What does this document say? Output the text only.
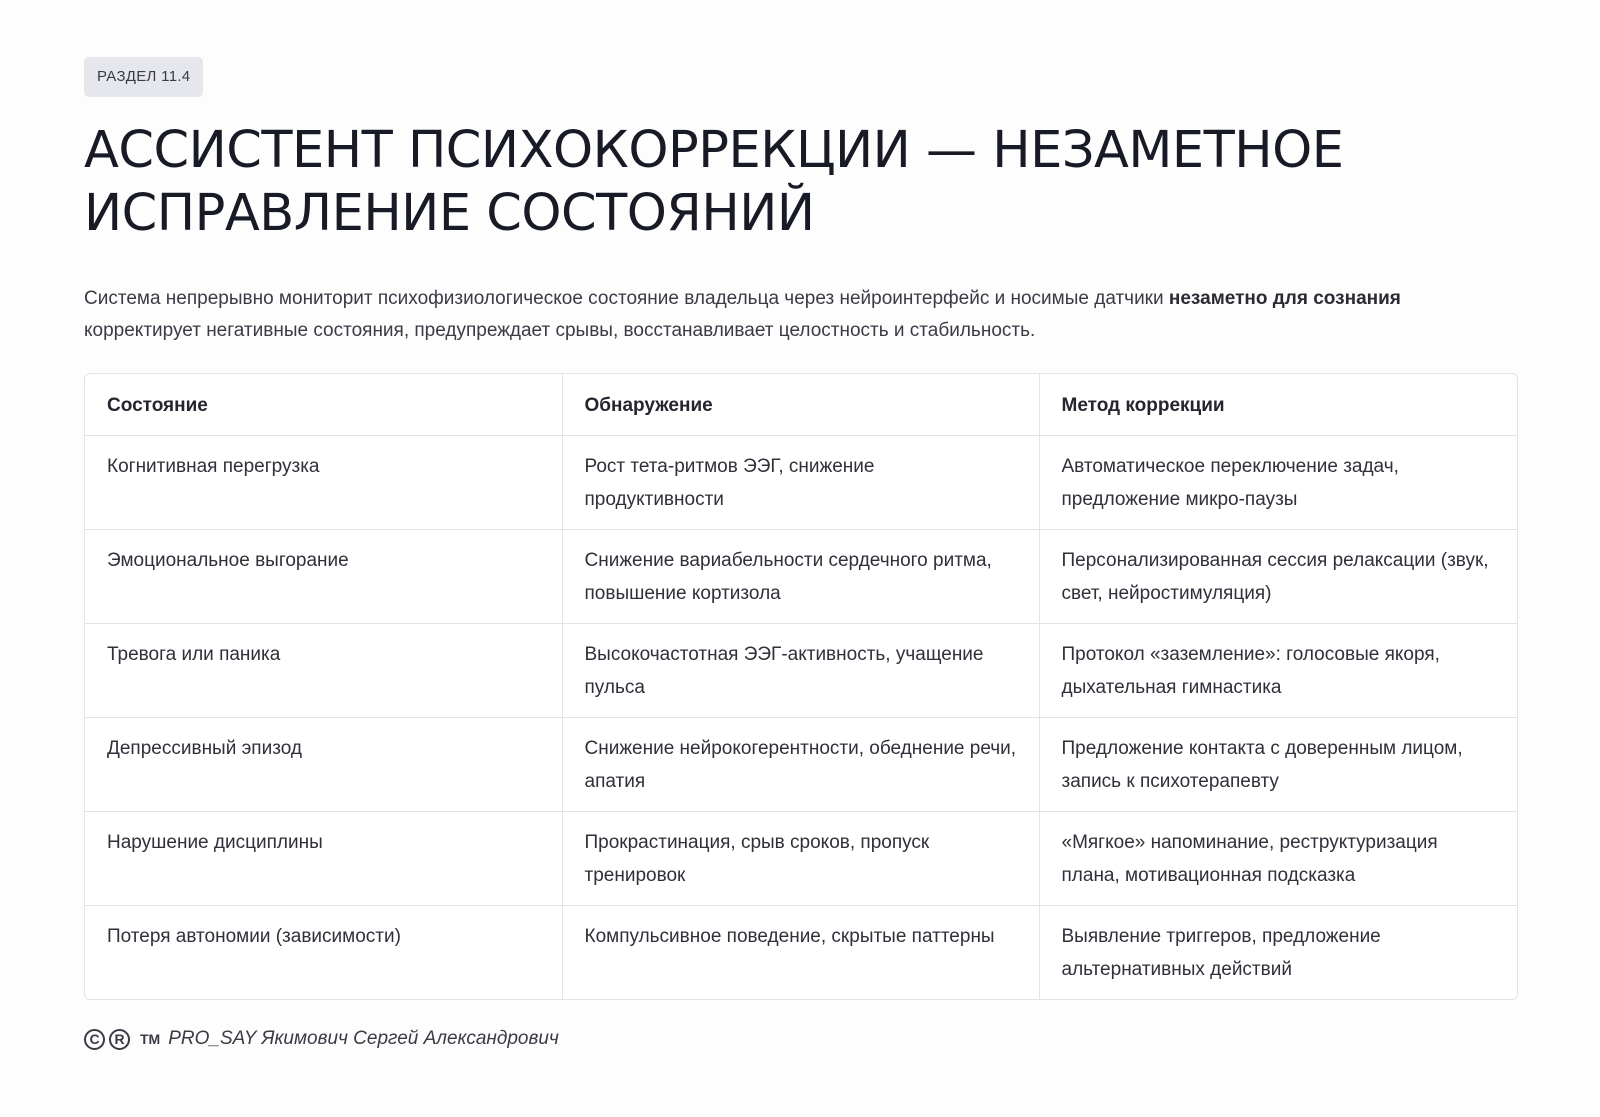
РАЗДЕЛ 11.4
АССИСТЕНТ ПСИХОКОРРЕКЦИИ — НЕЗАМЕТНОЕ ИСПРАВЛЕНИЕ СОСТОЯНИЙ
Система непрерывно мониторит психофизиологическое состояние владельца через нейроинтерфейс и носимые датчики незаметно для сознания корректирует негативные состояния, предупреждает срывы, восстанавливает целостность и стабильность.
Состояние	Обнаружение	Метод коррекции
Когнитивная перегрузка	Рост тета-ритмов ЭЭГ, снижение продуктивности	Автоматическое переключение задач, предложение микро-паузы
Эмоциональное выгорание	Снижение вариабельности сердечного ритма, повышение кортизола	Персонализированная сессия релаксации (звук, свет, нейростимуляция)
Тревога или паника	Высокочастотная ЭЭГ-активность, учащение пульса	Протокол «заземление»: голосовые якоря, дыхательная гимнастика
Депрессивный эпизод	Снижение нейрокогерентности, обеднение речи, апатия	Предложение контакта с доверенным лицом, запись к психотерапевту
Нарушение дисциплины	Прокрастинация, срыв сроков, пропуск тренировок	«Мягкое» напоминание, реструктуризация плана, мотивационная подсказка
Потеря автономии (зависимости)	Компульсивное поведение, скрытые паттерны	Выявление триггеров, предложение альтернативных действий
C	R	TM PRO_SAY Якимович Сергей Александрович
